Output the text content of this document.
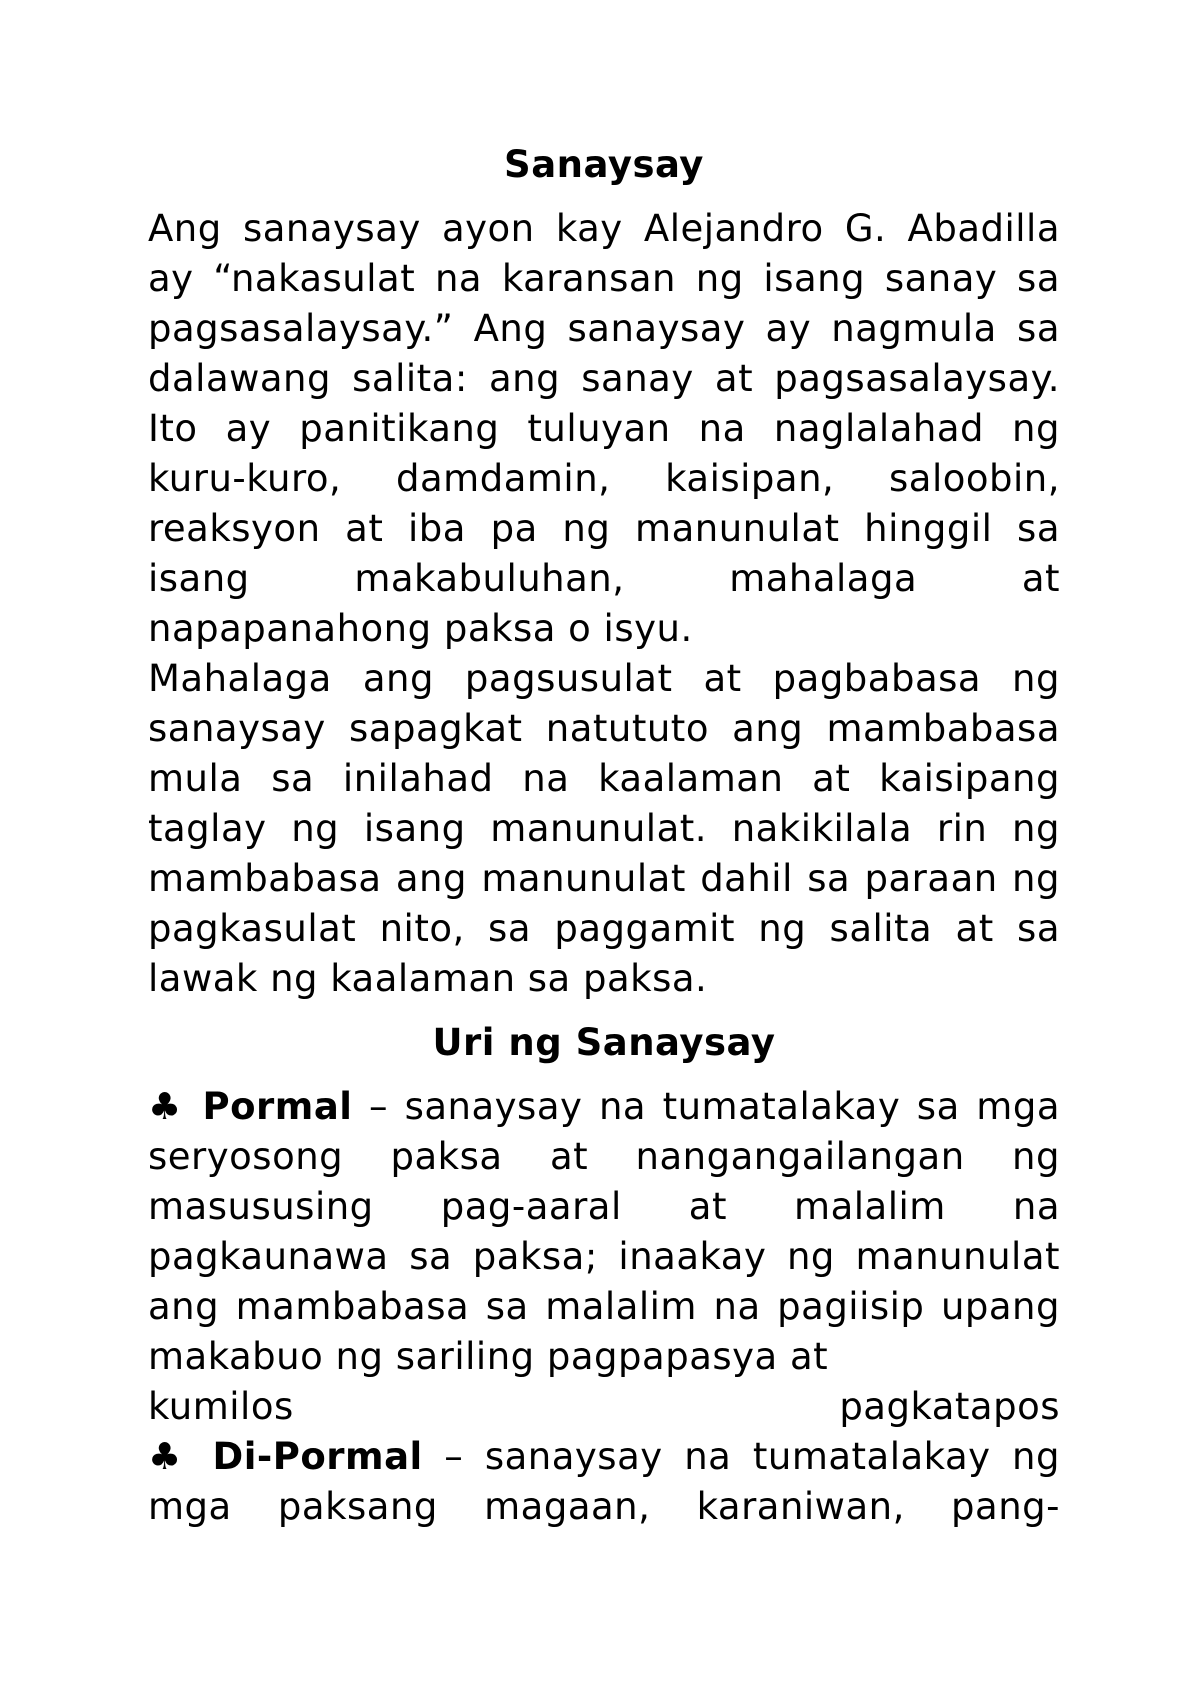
Sanaysay

Ang sanaysay ayon kay Alejandro G. Abadilla ay “nakasulat na karansan ng isang sanay sa pagsasalaysay.” Ang sanaysay ay nagmula sa dalawang salita: ang sanay at pagsasalaysay. Ito ay panitikang tuluyan na naglalahad ng kuru-kuro, damdamin, kaisipan, saloobin, reaksyon at iba pa ng manunulat hinggil sa isang makabuluhan, mahalaga at napapanahong paksa o isyu.

Mahalaga ang pagsusulat at pagbabasa ng sanaysay sapagkat natututo ang mambabasa mula sa inilahad na kaalaman at kaisipang taglay ng isang manunulat. nakikilala rin ng mambabasa ang manunulat dahil sa paraan ng pagkasulat nito, sa paggamit ng salita at sa lawak ng kaalaman sa paksa.

Uri ng Sanaysay
♣ Pormal – sanaysay na tumatalakay sa mga seryosong paksa at nangangailangan ng masususing pag-aaral at malalim na pagkaunawa sa paksa; inaakay ng manunulat ang mambabasa sa malalim na pagiisip upang makabuo ng sariling pagpapasya at
kumilos pagkatapos
♣ Di-Pormal – sanaysay na tumatalakay ng mga paksang magaan, karaniwan, pang-
